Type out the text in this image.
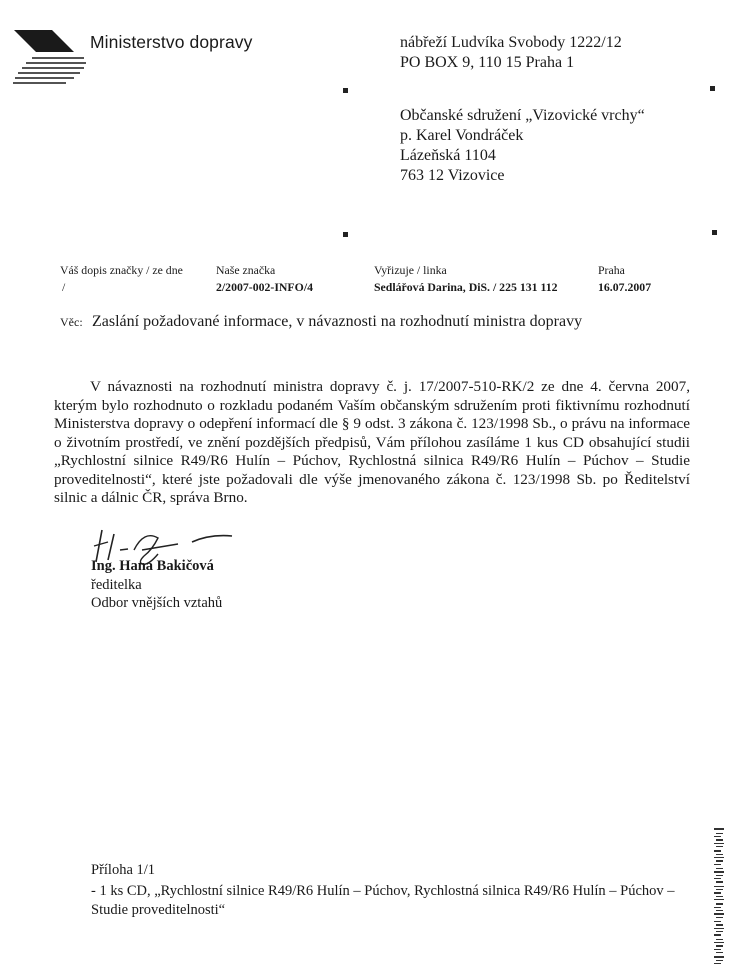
Ministerstvo dopravy	nábřeží Ludvíka Svobody 1222/12
PO BOX 9, 110 15 Praha 1
Občanské sdružení „Vizovické vrchy“
p. Karel Vondráček
Lázeňská 1104
763 12 Vizovice
Váš dopis značky / ze dne
/
Naše značka
2/2007-002-INFO/4
Vyřizuje / linka
Sedlářová Darina, DiS. / 225 131 112
Praha
16.07.2007
Věc: Zaslání požadované informace, v návaznosti na rozhodnutí ministra dopravy
V návaznosti na rozhodnutí ministra dopravy č. j. 17/2007-510-RK/2 ze dne 4. června 2007, kterým bylo rozhodnuto o rozkladu podaném Vaším občanským sdružením proti fiktivnímu rozhodnutí Ministerstva dopravy o odepření informací dle § 9 odst. 3 zákona č. 123/1998 Sb., o právu na informace o životním prostředí, ve znění pozdějších předpisů, Vám přílohou zasíláme 1 kus CD obsahující studii „Rychlostní silnice R49/R6 Hulín – Púchov, Rychlostná silnica R49/R6 Hulín – Púchov – Studie proveditelnosti“, které jste požadovali dle výše jmenovaného zákona č. 123/1998 Sb. po Ředitelství silnic a dálnic ČR, správa Brno.
Ing. Hana Bakičová
ředitelka
Odbor vnějších vztahů
Příloha 1/1
- 1 ks CD, „Rychlostní silnice R49/R6 Hulín – Púchov, Rychlostná silnica R49/R6 Hulín – Púchov – Studie proveditelnosti“
